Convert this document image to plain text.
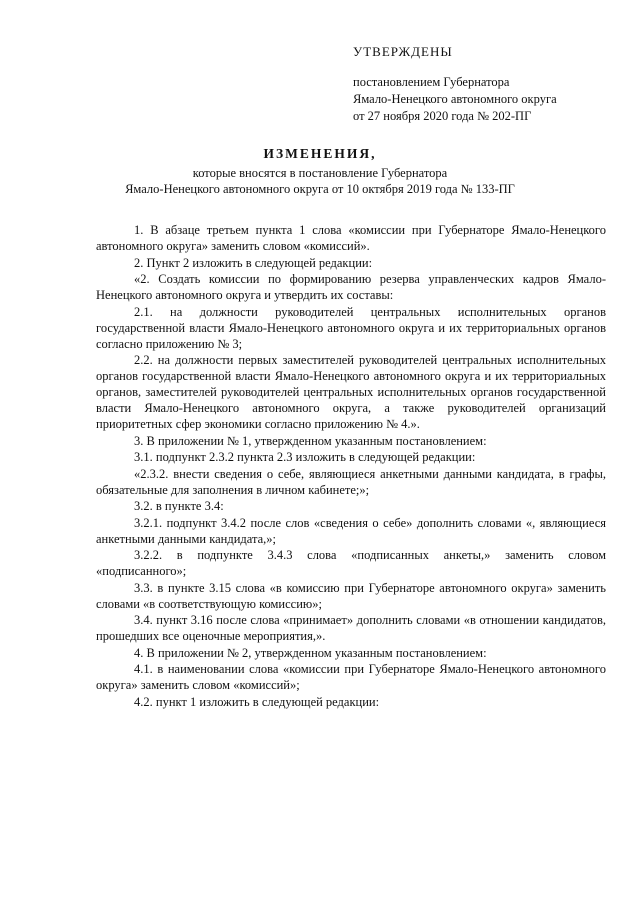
УТВЕРЖДЕНЫ
постановлением Губернатора
Ямало-Ненецкого автономного округа
от 27 ноября 2020 года № 202-ПГ
ИЗМЕНЕНИЯ,
которые вносятся в постановление Губернатора
Ямало-Ненецкого автономного округа от 10 октября 2019 года № 133-ПГ

1. В абзаце третьем пункта 1 слова «комиссии при Губернаторе Ямало-Ненецкого автономного округа» заменить словом «комиссий».

2. Пункт 2 изложить в следующей редакции:

«2. Создать комиссии по формированию резерва управленческих кадров Ямало-Ненецкого автономного округа и утвердить их составы:

2.1. на должности руководителей центральных исполнительных органов государственной власти Ямало-Ненецкого автономного округа и их территориальных органов согласно приложению № 3;

2.2. на должности первых заместителей руководителей центральных исполнительных органов государственной власти Ямало-Ненецкого автономного округа и их территориальных органов, заместителей руководителей центральных исполнительных органов государственной власти Ямало-Ненецкого автономного округа, а также руководителей организаций приоритетных сфер экономики согласно приложению № 4.».

3. В приложении № 1, утвержденном указанным постановлением:

3.1. подпункт 2.3.2 пункта 2.3 изложить в следующей редакции:

«2.3.2. внести сведения о себе, являющиеся анкетными данными кандидата, в графы, обязательные для заполнения в личном кабинете;»;

3.2. в пункте 3.4:

3.2.1. подпункт 3.4.2 после слов «сведения о себе» дополнить словами «, являющиеся анкетными данными кандидата,»;

3.2.2. в подпункте 3.4.3 слова «подписанных анкеты,» заменить словом «подписанного»;

3.3. в пункте 3.15 слова «в комиссию при Губернаторе автономного округа» заменить словами «в соответствующую комиссию»;

3.4. пункт 3.16 после слова «принимает» дополнить словами «в отношении кандидатов, прошедших все оценочные мероприятия,».

4. В приложении № 2, утвержденном указанным постановлением:

4.1. в наименовании слова «комиссии при Губернаторе Ямало-Ненецкого автономного округа» заменить словом «комиссий»;

4.2. пункт 1 изложить в следующей редакции:
